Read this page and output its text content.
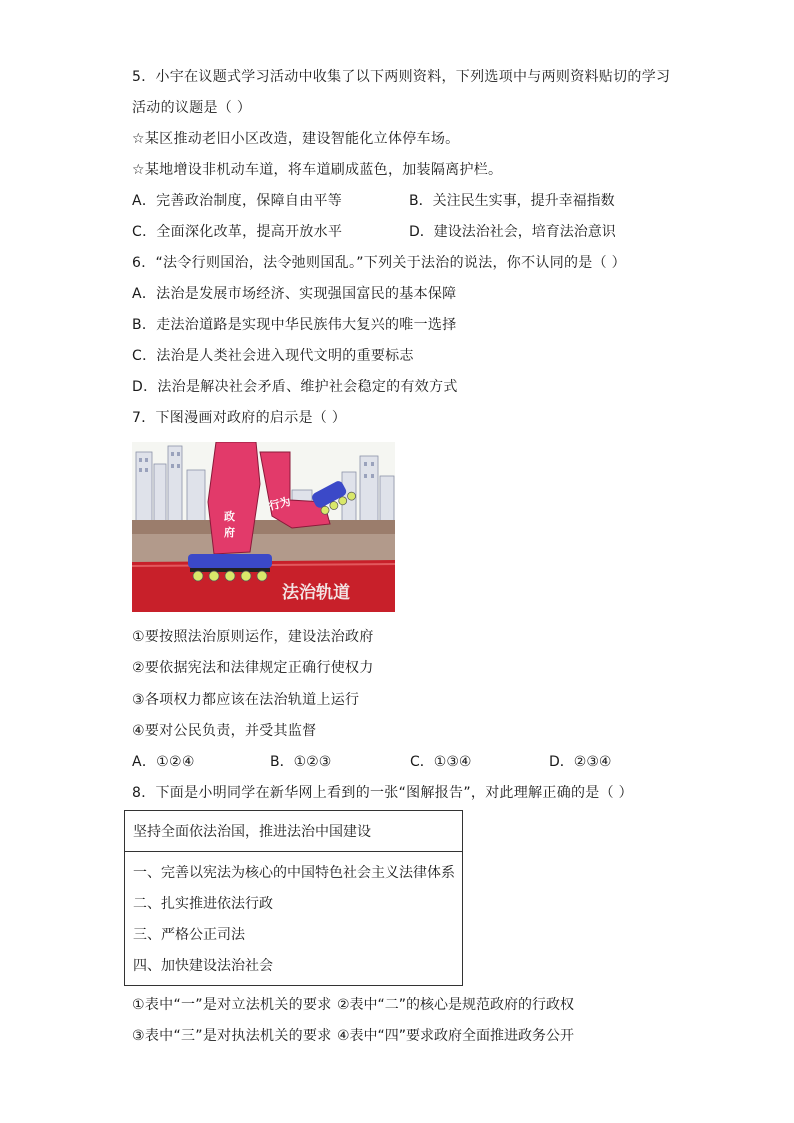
5．小宇在议题式学习活动中收集了以下两则资料，下列选项中与两则资料贴切的学习
活动的议题是（ ）
☆某区推动老旧小区改造，建设智能化立体停车场。
☆某地增设非机动车道，将车道刷成蓝色，加装隔离护栏。
A．完善政治制度，保障自由平等	B．关注民生实事，提升幸福指数
C．全面深化改革，提高开放水平	D．建设法治社会，培育法治意识
6．“法令行则国治，法令弛则国乱。”下列关于法治的说法，你不认同的是（ ）
A．法治是发展市场经济、实现强国富民的基本保障
B．走法治道路是实现中华民族伟大复兴的唯一选择
C．法治是人类社会进入现代文明的重要标志
D．法治是解决社会矛盾、维护社会稳定的有效方式
7．下图漫画对政府的启示是（ ）
法治轨道
行为
政
府
①要按照法治原则运作，建设法治政府
②要依据宪法和法律规定正确行使权力
③各项权力都应该在法治轨道上运行
④要对公民负责，并受其监督
A．①②④	B．①②③	C．①③④	D．②③④
8．下面是小明同学在新华网上看到的一张“图解报告”，对此理解正确的是（ ）
坚持全面依法治国，推进法治中国建设
一、完善以宪法为核心的中国特色社会主义法律体系
二、扎实推进依法行政
三、严格公正司法
四、加快建设法治社会
①表中“一”是对立法机关的要求 ②表中“二”的核心是规范政府的行政权
③表中“三”是对执法机关的要求 ④表中“四”要求政府全面推进政务公开
